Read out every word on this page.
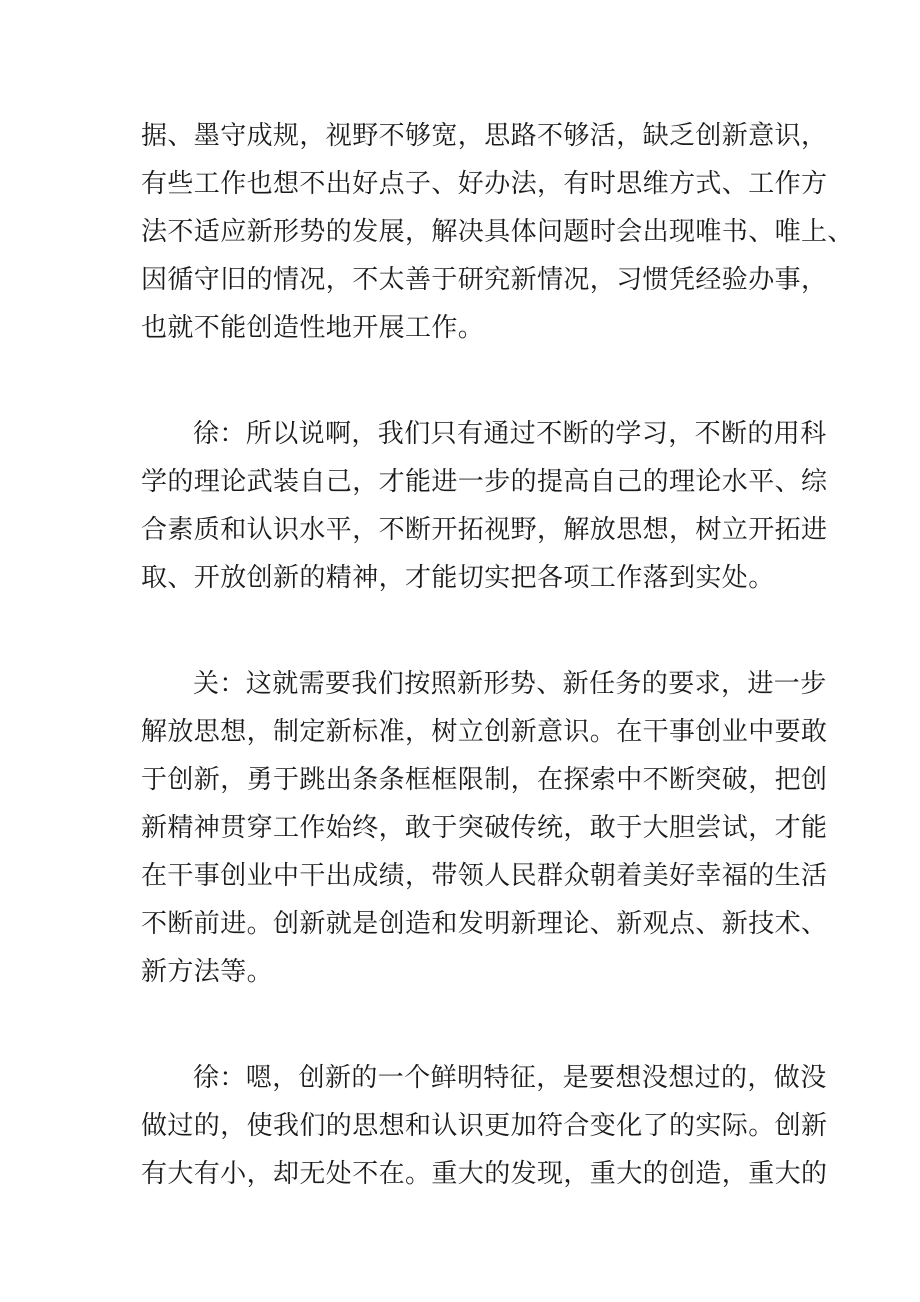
据、墨守成规，视野不够宽，思路不够活，缺乏创新意识，
有些工作也想不出好点子、好办法，有时思维方式、工作方
法不适应新形势的发展，解决具体问题时会出现唯书、唯上、
因循守旧的情况，不太善于研究新情况，习惯凭经验办事，
也就不能创造性地开展工作。
徐：所以说啊，我们只有通过不断的学习，不断的用科
学的理论武装自己，才能进一步的提高自己的理论水平、综
合素质和认识水平，不断开拓视野，解放思想，树立开拓进
取、开放创新的精神，才能切实把各项工作落到实处。
关：这就需要我们按照新形势、新任务的要求，进一步
解放思想，制定新标准，树立创新意识。在干事创业中要敢
于创新，勇于跳出条条框框限制，在探索中不断突破，把创
新精神贯穿工作始终，敢于突破传统，敢于大胆尝试，才能
在干事创业中干出成绩，带领人民群众朝着美好幸福的生活
不断前进。创新就是创造和发明新理论、新观点、新技术、
新方法等。
徐：嗯，创新的一个鲜明特征，是要想没想过的，做没
做过的，使我们的思想和认识更加符合变化了的实际。创新
有大有小，却无处不在。重大的发现，重大的创造，重大的
